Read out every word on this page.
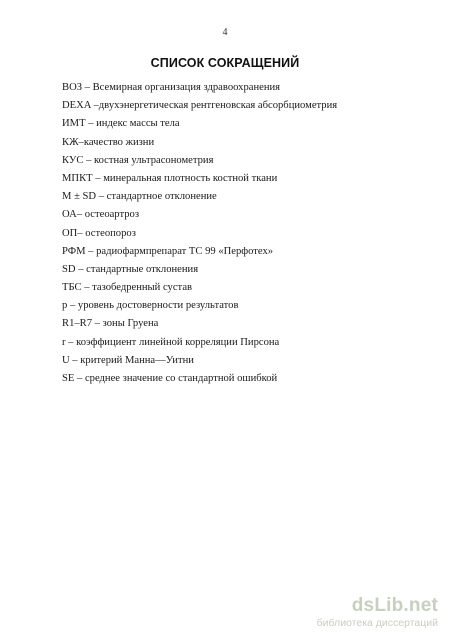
4
СПИСОК СОКРАЩЕНИЙ
ВОЗ – Всемирная организация здравоохранения
DEXA –двухэнергетическая рентгеновская абсорбциометрия
ИМТ – индекс массы тела
КЖ–качество жизни
КУС – костная ультрасонометрия
МПКТ – минеральная плотность костной ткани
M ± SD – стандартное отклонение
ОА– остеоартроз
ОП– остеопороз
РФМ – радиофармпрепарат ТС 99 «Перфотех»
SD – стандартные отклонения
ТБС – тазобедренный сустав
р – уровень достоверности результатов
R1–R7 – зоны Груена
r – коэффициент линейной корреляции Пирсона
U – критерий Манна—Уитни
SE – среднее значение со стандартной ошибкой
dsLib.net
библиотека диссертаций
